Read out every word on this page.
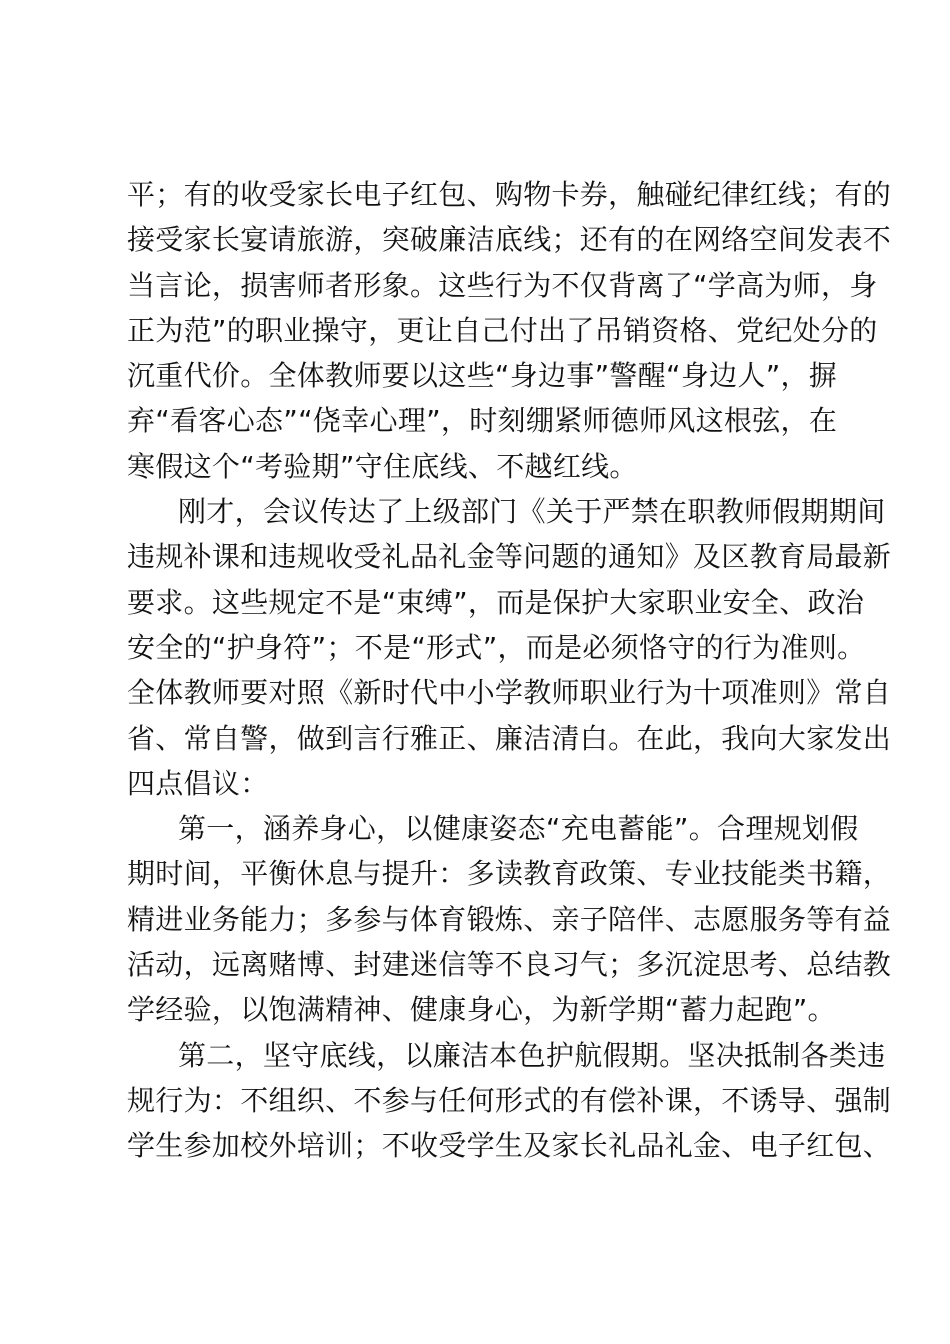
平；有的收受家长电子红包、购物卡券，触碰纪律红线；有的
接受家长宴请旅游，突破廉洁底线；还有的在网络空间发表不
当言论，损害师者形象。这些行为不仅背离了“学高为师，身
正为范”的职业操守，更让自己付出了吊销资格、党纪处分的
沉重代价。全体教师要以这些“身边事”警醒“身边人”，摒
弃“看客心态”“侥幸心理”，时刻绷紧师德师风这根弦，在
寒假这个“考验期”守住底线、不越红线。
刚才，会议传达了上级部门《关于严禁在职教师假期期间
违规补课和违规收受礼品礼金等问题的通知》及区教育局最新
要求。这些规定不是“束缚”，而是保护大家职业安全、政治
安全的“护身符”；不是“形式”，而是必须恪守的行为准则。
全体教师要对照《新时代中小学教师职业行为十项准则》常自
省、常自警，做到言行雅正、廉洁清白。在此，我向大家发出
四点倡议：
第一，涵养身心，以健康姿态“充电蓄能”。合理规划假
期时间，平衡休息与提升：多读教育政策、专业技能类书籍，
精进业务能力；多参与体育锻炼、亲子陪伴、志愿服务等有益
活动，远离赌博、封建迷信等不良习气；多沉淀思考、总结教
学经验，以饱满精神、健康身心，为新学期“蓄力起跑”。
第二，坚守底线，以廉洁本色护航假期。坚决抵制各类违
规行为：不组织、不参与任何形式的有偿补课，不诱导、强制
学生参加校外培训；不收受学生及家长礼品礼金、电子红包、
